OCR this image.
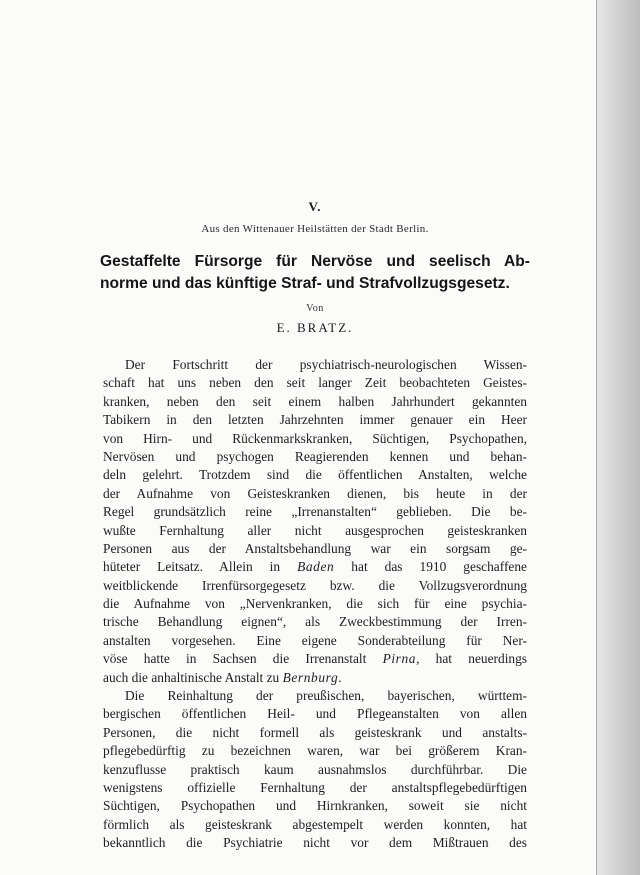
V.
Aus den Wittenauer Heilstätten der Stadt Berlin.
Gestaffelte Fürsorge für Nervöse und seelisch Ab-
norme und das künftige Straf- und Strafvollzugsgesetz.
Von
E. BRATZ.
Der Fortschritt der psychiatrisch-neurologischen Wissen-
schaft hat uns neben den seit langer Zeit beobachteten Geistes-
kranken, neben den seit einem halben Jahrhundert gekannten
Tabikern in den letzten Jahrzehnten immer genauer ein Heer
von Hirn- und Rückenmarkskranken, Süchtigen, Psychopathen,
Nervösen und psychogen Reagierenden kennen und behan-
deln gelehrt. Trotzdem sind die öffentlichen Anstalten, welche
der Aufnahme von Geisteskranken dienen, bis heute in der
Regel grundsätzlich reine „Irrenanstalten“ geblieben. Die be-
wußte Fernhaltung aller nicht ausgesprochen geisteskranken
Personen aus der Anstaltsbehandlung war ein sorgsam ge-
hüteter Leitsatz. Allein in Baden hat das 1910 geschaffene
weitblickende Irrenfürsorgegesetz bzw. die Vollzugsverordnung
die Aufnahme von „Nervenkranken, die sich für eine psychia-
trische Behandlung eignen“, als Zweckbestimmung der Irren-
anstalten vorgesehen. Eine eigene Sonderabteilung für Ner-
vöse hatte in Sachsen die Irrenanstalt Pirna, hat neuerdings
auch die anhaltinische Anstalt zu Bernburg.
Die Reinhaltung der preußischen, bayerischen, württem-
bergischen öffentlichen Heil- und Pflegeanstalten von allen
Personen, die nicht formell als geisteskrank und anstalts-
pflegebedürftig zu bezeichnen waren, war bei größerem Kran-
kenzuflusse praktisch kaum ausnahmslos durchführbar. Die
wenigstens offizielle Fernhaltung der anstaltspflegebedürftigen
Süchtigen, Psychopathen und Hirnkranken, soweit sie nicht
förmlich als geisteskrank abgestempelt werden konnten, hat
bekanntlich die Psychiatrie nicht vor dem Mißtrauen des
